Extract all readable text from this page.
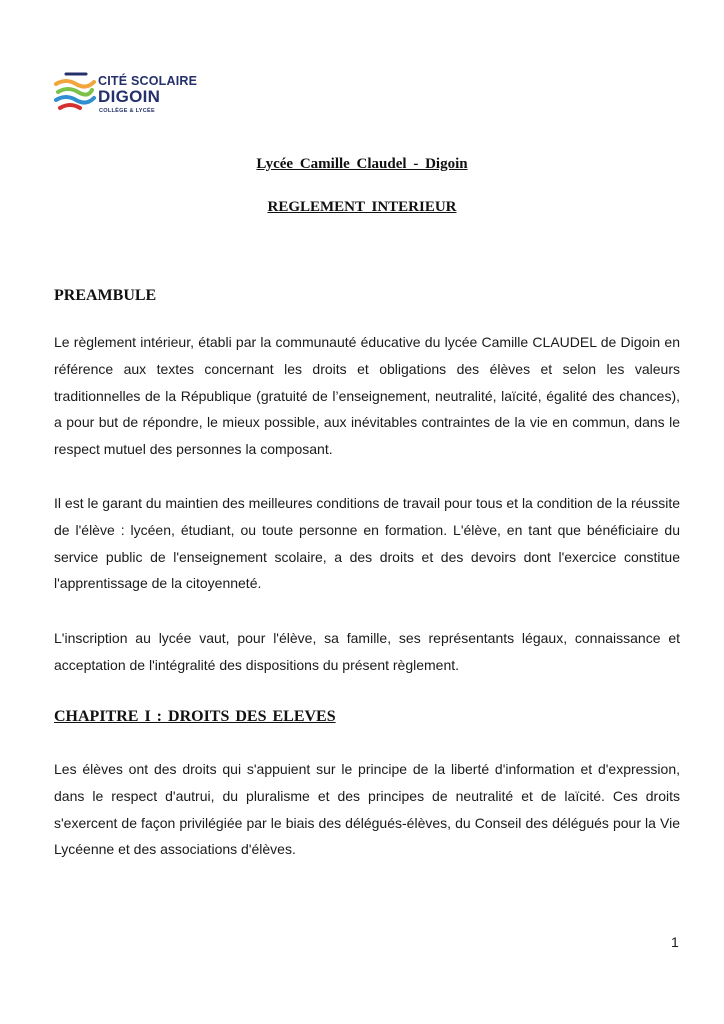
CITÉ SCOLAIRE
DIGOIN
COLLÈGE & LYCÉE
Lycée Camille Claudel - Digoin
REGLEMENT INTERIEUR
PREAMBULE
Le règlement intérieur, établi par la communauté éducative du lycée Camille CLAUDEL de Digoin en référence aux textes concernant les droits et obligations des élèves et selon les valeurs traditionnelles de la République (gratuité de l’enseignement, neutralité, laïcité, égalité des chances), a pour but de répondre, le mieux possible, aux inévitables contraintes de la vie en commun, dans le respect mutuel des personnes la composant.
Il est le garant du maintien des meilleures conditions de travail pour tous et la condition de la réussite de l'élève : lycéen, étudiant, ou toute personne en formation. L'élève, en tant que bénéficiaire du service public de l'enseignement scolaire, a des droits et des devoirs dont l'exercice constitue l'apprentissage de la citoyenneté.
L'inscription au lycée vaut, pour l'élève, sa famille, ses représentants légaux, connaissance et acceptation de l'intégralité des dispositions du présent règlement.
CHAPITRE I : DROITS DES ELEVES
Les élèves ont des droits qui s'appuient sur le principe de la liberté d'information et d'expression, dans le respect d'autrui, du pluralisme et des principes de neutralité et de laïcité. Ces droits s'exercent de façon privilégiée par le biais des délégués-élèves, du Conseil des délégués pour la Vie Lycéenne et des associations d'élèves.
1
